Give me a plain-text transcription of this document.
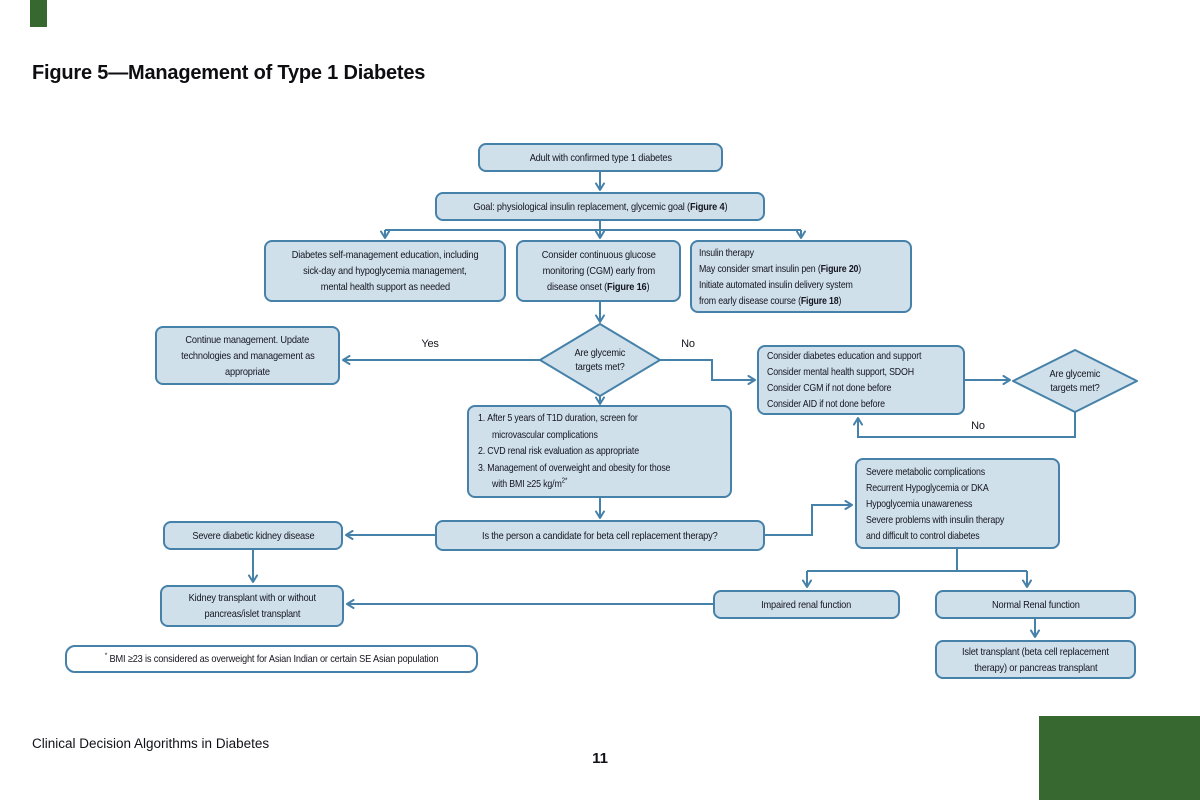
Figure 5—Management of Type 1 Diabetes
Adult with confirmed type 1 diabetes
Goal: physiological insulin replacement, glycemic goal (Figure 4)
Diabetes self-management education, including
sick-day and hypoglycemia management,
mental health support as needed
Consider continuous glucose
monitoring (CGM) early from
disease onset (Figure 16)
Insulin therapy
May consider smart insulin pen (Figure 20)
Initiate automated insulin delivery system
from early disease course (Figure 18)
Are glycemic
targets met?
Yes	No
Continue management. Update
technologies and management as
appropriate
Consider diabetes education and support
Consider mental health support, SDOH
Consider CGM if not done before
Consider AID if not done before
Are glycemic
targets met?
No
1. After 5 years of T1D duration, screen for
microvascular complications
2. CVD renal risk evaluation as appropriate
3. Management of overweight and obesity for those
with BMI ≥25 $kg/m^{2*}$
Is the person a candidate for beta cell replacement therapy?
Severe diabetic kidney disease
Severe metabolic complications
Recurrent Hypoglycemia or DKA
Hypoglycemia unawareness
Severe problems with insulin therapy
and difficult to control diabetes
Kidney transplant with or without
pancreas/islet transplant
Impaired renal function	Normal Renal function
Islet transplant (beta cell replacement
therapy) or pancreas transplant
* BMI ≥23 is considered as overweight for Asian Indian or certain SE Asian population
Clinical Decision Algorithms in Diabetes
11
